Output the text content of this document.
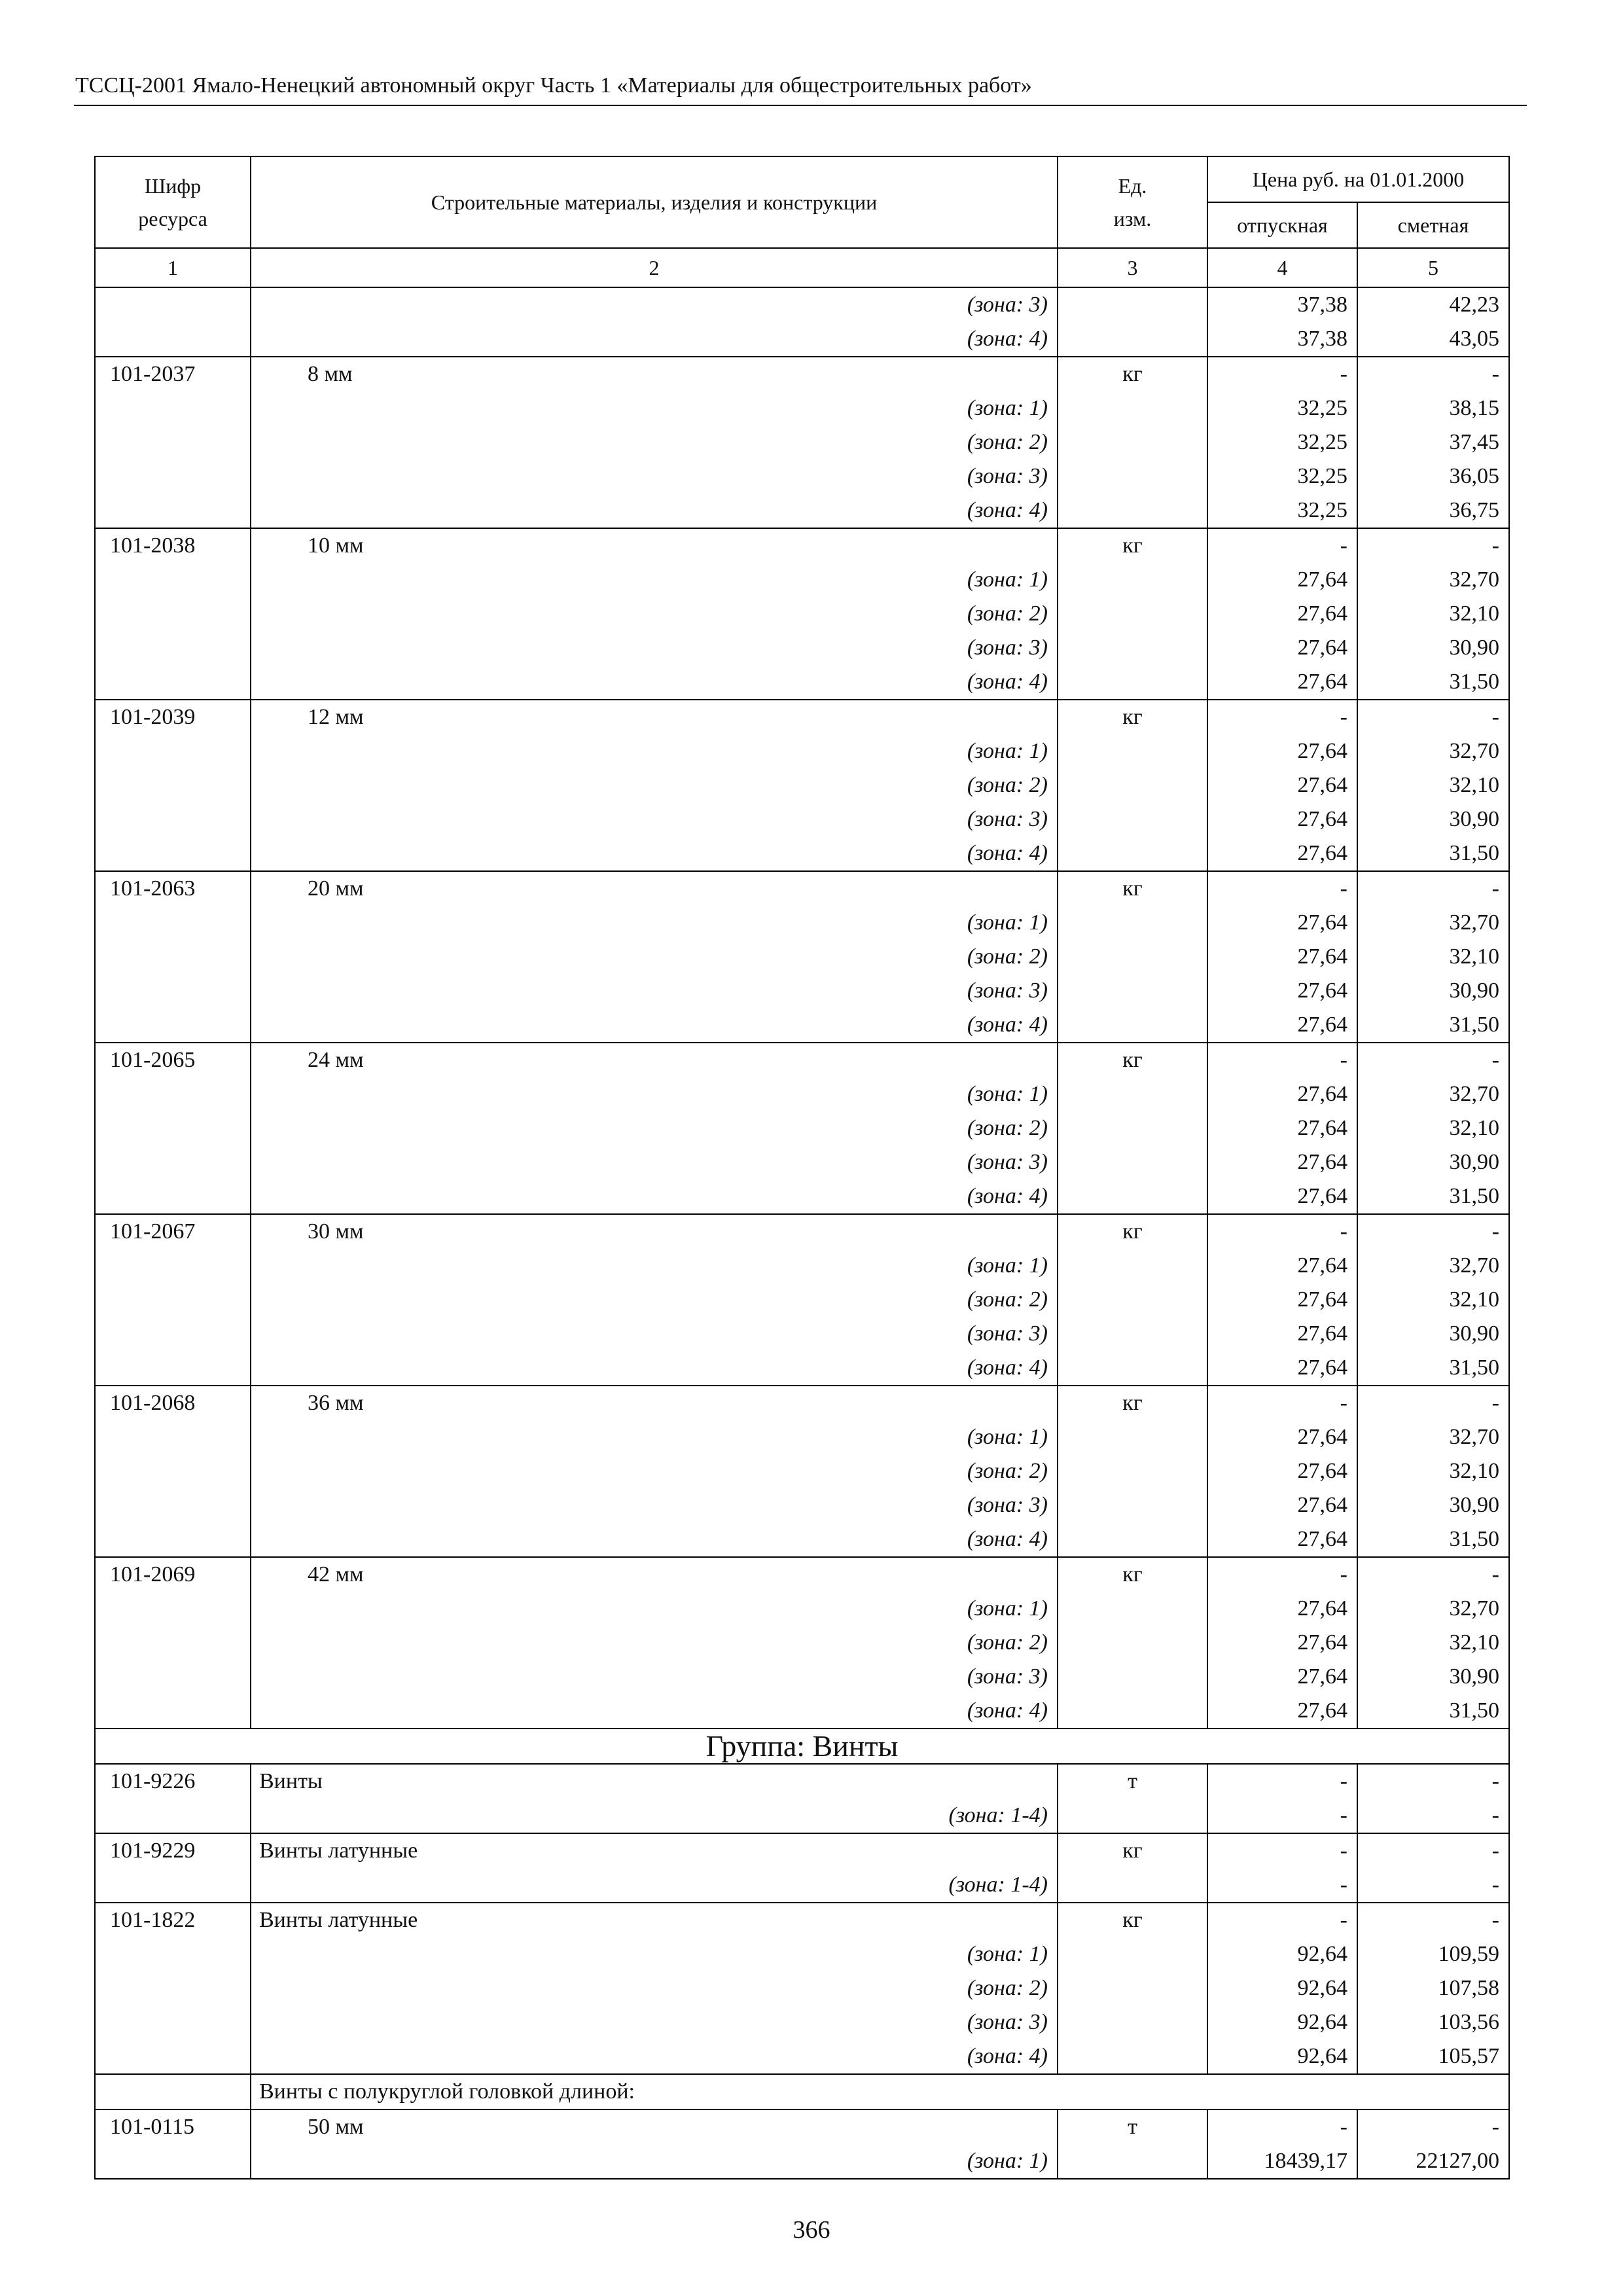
ТССЦ-2001 Ямало-Ненецкий автономный округ Часть 1 «Материалы для общестроительных работ»
Шифр ресурса	Строительные материалы, изделия и конструкции	Ед. изм.	Цена руб. на 01.01.2000	
			отпускная	сметная
1	2	3	4	5
	(зона: 3)		37,38	42,23
	(зона: 4)		37,38	43,05
101-2037	8 мм	кг	-	-
	(зона: 1)		32,25	38,15
	(зона: 2)		32,25	37,45
	(зона: 3)		32,25	36,05
	(зона: 4)		32,25	36,75
101-2038	10 мм	кг	-	-
	(зона: 1)		27,64	32,70
	(зона: 2)		27,64	32,10
	(зона: 3)		27,64	30,90
	(зона: 4)		27,64	31,50
101-2039	12 мм	кг	-	-
	(зона: 1)		27,64	32,70
	(зона: 2)		27,64	32,10
	(зона: 3)		27,64	30,90
	(зона: 4)		27,64	31,50
101-2063	20 мм	кг	-	-
	(зона: 1)		27,64	32,70
	(зона: 2)		27,64	32,10
	(зона: 3)		27,64	30,90
	(зона: 4)		27,64	31,50
101-2065	24 мм	кг	-	-
	(зона: 1)		27,64	32,70
	(зона: 2)		27,64	32,10
	(зона: 3)		27,64	30,90
	(зона: 4)		27,64	31,50
101-2067	30 мм	кг	-	-
	(зона: 1)		27,64	32,70
	(зона: 2)		27,64	32,10
	(зона: 3)		27,64	30,90
	(зона: 4)		27,64	31,50
101-2068	36 мм	кг	-	-
	(зона: 1)		27,64	32,70
	(зона: 2)		27,64	32,10
	(зона: 3)		27,64	30,90
	(зона: 4)		27,64	31,50
101-2069	42 мм	кг	-	-
	(зона: 1)		27,64	32,70
	(зона: 2)		27,64	32,10
	(зона: 3)		27,64	30,90
	(зона: 4)		27,64	31,50
Группа: Винты				
101-9226	Винты	т	-	-
	(зона: 1-4)		-	-
101-9229	Винты латунные	кг	-	-
	(зона: 1-4)		-	-
101-1822	Винты латунные	кг	-	-
	(зона: 1)		92,64	109,59
	(зона: 2)		92,64	107,58
	(зона: 3)		92,64	103,56
	(зона: 4)		92,64	105,57
	Винты с полукруглой головкой длиной:			
101-0115	50 мм	т	-	-
	(зона: 1)		18439,17	22127,00
366
